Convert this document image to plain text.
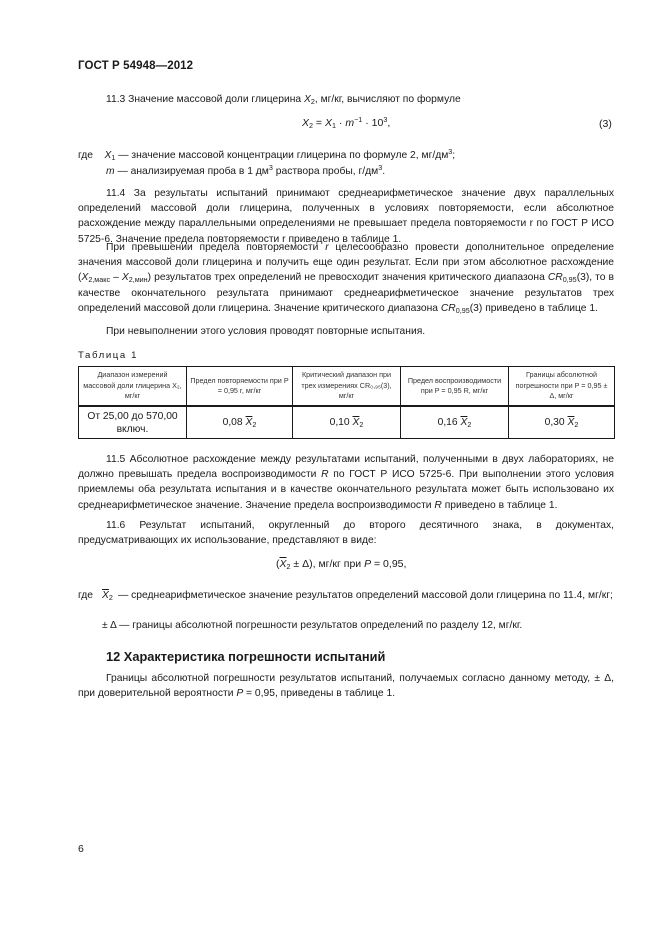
ГОСТ Р 54948—2012
11.3 Значение массовой доли глицерина $X_2$, мг/кг, вычисляют по формуле
$X_2 = X_1 \cdot m^{-1} \cdot 10^3$,	(3)
где $X_1$ — значение массовой концентрации глицерина по формуле 2, $мг/дм^3$;
m — анализируемая проба в 1 $дм^3$ раствора пробы, $г/дм^3$.
11.4 За результаты испытаний принимают среднеарифметическое значение двух параллельных определений массовой доли глицерина, полученных в условиях повторяемости, если абсолютное расхождение между параллельными определениями не превышает предела повторяемости r по ГОСТ Р ИСО 5725-6. Значение предела повторяемости r приведено в таблице 1.
При превышении предела повторяемости r целесообразно провести дополнительное определение значения массовой доли глицерина и получить еще один результат. Если при этом абсолютное расхождение $(X_{2,макс} - X_{2,мин})$ результатов трех определений не превосходит значения критического диапазона $CR_{0,95}(3)$, то в качестве окончательного результата принимают среднеарифметическое значение результатов трех определений массовой доли глицерина. Значение критического диапазона $CR_{0,95}(3)$ приведено в таблице 1.
При невыполнении этого условия проводят повторные испытания.
Таблица 1
Диапазон измерений массовой доли глицерина X₂, мг/кг	Предел повторяемости при P = 0,95 r, мг/кг	Критический диапазон при трех измерениях CR₀,₉₅(3), мг/кг	Предел воспроизводимости при P = 0,95 R, мг/кг	Границы абсолютной погрешности при P = 0,95 ± Δ, мг/кг
От 25,00 до 570,00 включ.	0,08 $\overline{X}_2$	0,10 $\overline{X}_2$	0,16 $\overline{X}_2$	0,30 $\overline{X}_2$
11.5 Абсолютное расхождение между результатами испытаний, полученными в двух лабораториях, не должно превышать предела воспроизводимости R по ГОСТ Р ИСО 5725-6. При выполнении этого условия приемлемы оба результата испытания и в качестве окончательного результата может быть использовано их среднеарифметическое значение. Значение предела воспроизводимости R приведено в таблице 1.
11.6 Результат испытаний, округленный до второго десятичного знака, в документах, предусматривающих их использование, представляют в виде:
$(\overline{X}_2 \pm \Delta)$, мг/кг при P = 0,95,
где $\overline{X}_2$ — среднеарифметическое значение результатов определений массовой доли глицерина по 11.4, мг/кг;
± Δ — границы абсолютной погрешности результатов определений по разделу 12, мг/кг.
12 Характеристика погрешности испытаний
Границы абсолютной погрешности результатов испытаний, получаемых согласно данному методу, ± Δ, при доверительной вероятности P = 0,95, приведены в таблице 1.
6
